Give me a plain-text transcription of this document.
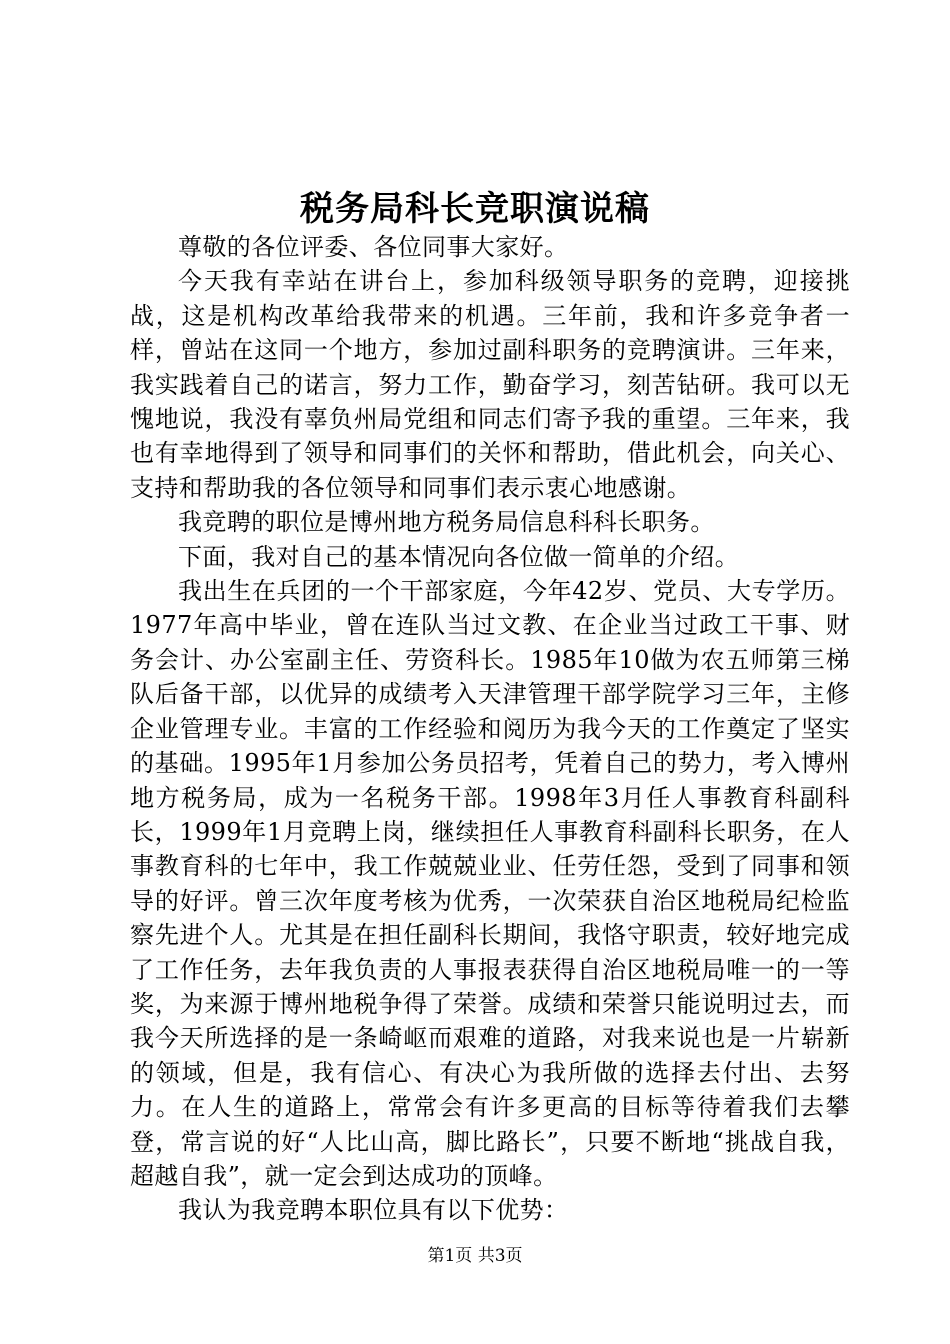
税务局科长竞职演说稿

尊敬的各位评委、各位同事大家好。

今天我有幸站在讲台上，参加科级领导职务的竞聘，迎接挑战，这是机构改革给我带来的机遇。三年前，我和许多竞争者一样，曾站在这同一个地方，参加过副科职务的竞聘演讲。三年来，我实践着自己的诺言，努力工作，勤奋学习，刻苦钻研。我可以无愧地说，我没有辜负州局党组和同志们寄予我的重望。三年来，我也有幸地得到了领导和同事们的关怀和帮助，借此机会，向关心、支持和帮助我的各位领导和同事们表示衷心地感谢。

我竞聘的职位是博州地方税务局信息科科长职务。

下面，我对自己的基本情况向各位做一简单的介绍。

我出生在兵团的一个干部家庭，今年42岁、党员、大专学历。1977年高中毕业，曾在连队当过文教、在企业当过政工干事、财务会计、办公室副主任、劳资科长。1985年10做为农五师第三梯队后备干部，以优异的成绩考入天津管理干部学院学习三年，主修企业管理专业。丰富的工作经验和阅历为我今天的工作奠定了坚实的基础。1995年1月参加公务员招考，凭着自己的势力，考入博州地方税务局，成为一名税务干部。1998年3月任人事教育科副科长，1999年1月竞聘上岗，继续担任人事教育科副科长职务，在人事教育科的七年中，我工作兢兢业业、任劳任怨，受到了同事和领导的好评。曾三次年度考核为优秀，一次荣获自治区地税局纪检监察先进个人。尤其是在担任副科长期间，我恪守职责，较好地完成了工作任务，去年我负责的人事报表获得自治区地税局唯一的一等奖，为来源于博州地税争得了荣誉。成绩和荣誉只能说明过去，而我今天所选择的是一条崎岖而艰难的道路，对我来说也是一片崭新的领域，但是，我有信心、有决心为我所做的选择去付出、去努力。在人生的道路上，常常会有许多更高的目标等待着我们去攀登，常言说的好“人比山高，脚比路长”，只要不断地“挑战自我，超越自我”，就一定会到达成功的顶峰。

我认为我竞聘本职位具有以下优势：

第1页 共3页
